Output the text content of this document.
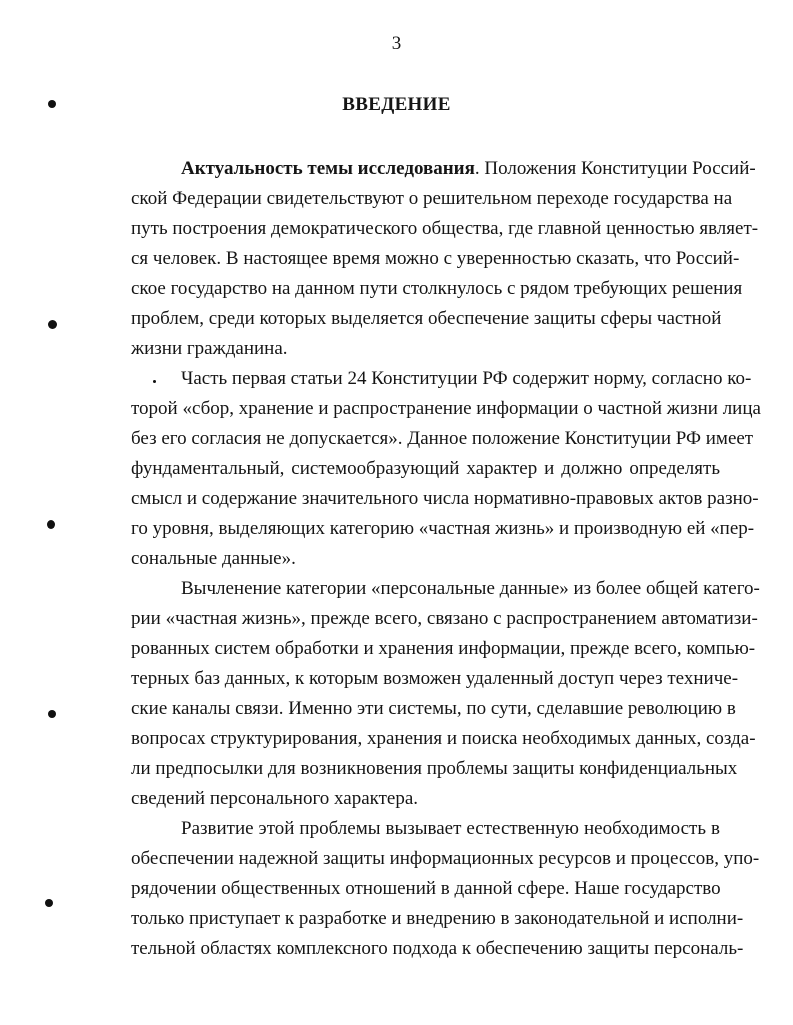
3
ВВЕДЕНИЕ
Актуальность темы исследования. Положения Конституции Россий-
ской Федерации свидетельствуют о решительном переходе государства на
путь построения демократического общества, где главной ценностью являет-
ся человек. В настоящее время можно с уверенностью сказать, что Россий-
ское государство на данном пути столкнулось с рядом требующих решения
проблем, среди которых выделяется обеспечение защиты сферы частной
жизни гражданина.
Часть первая статьи 24 Конституции РФ содержит норму, согласно ко-
торой «сбор, хранение и распространение информации о частной жизни лица
без его согласия не допускается». Данное положение Конституции РФ имеет
фундаментальный, системообразующий характер и должно определять
смысл и содержание значительного числа нормативно-правовых актов разно-
го уровня, выделяющих категорию «частная жизнь» и производную ей «пер-
сональные данные».
Вычленение категории «персональные данные» из более общей катего-
рии «частная жизнь», прежде всего, связано с распространением автоматизи-
рованных систем обработки и хранения информации, прежде всего, компью-
терных баз данных, к которым возможен удаленный доступ через техниче-
ские каналы связи. Именно эти системы, по сути, сделавшие революцию в
вопросах структурирования, хранения и поиска необходимых данных, созда-
ли предпосылки для возникновения проблемы защиты конфиденциальных
сведений персонального характера.
Развитие этой проблемы вызывает естественную необходимость в
обеспечении надежной защиты информационных ресурсов и процессов, упо-
рядочении общественных отношений в данной сфере. Наше государство
только приступает к разработке и внедрению в законодательной и исполни-
тельной областях комплексного подхода к обеспечению защиты персональ-
